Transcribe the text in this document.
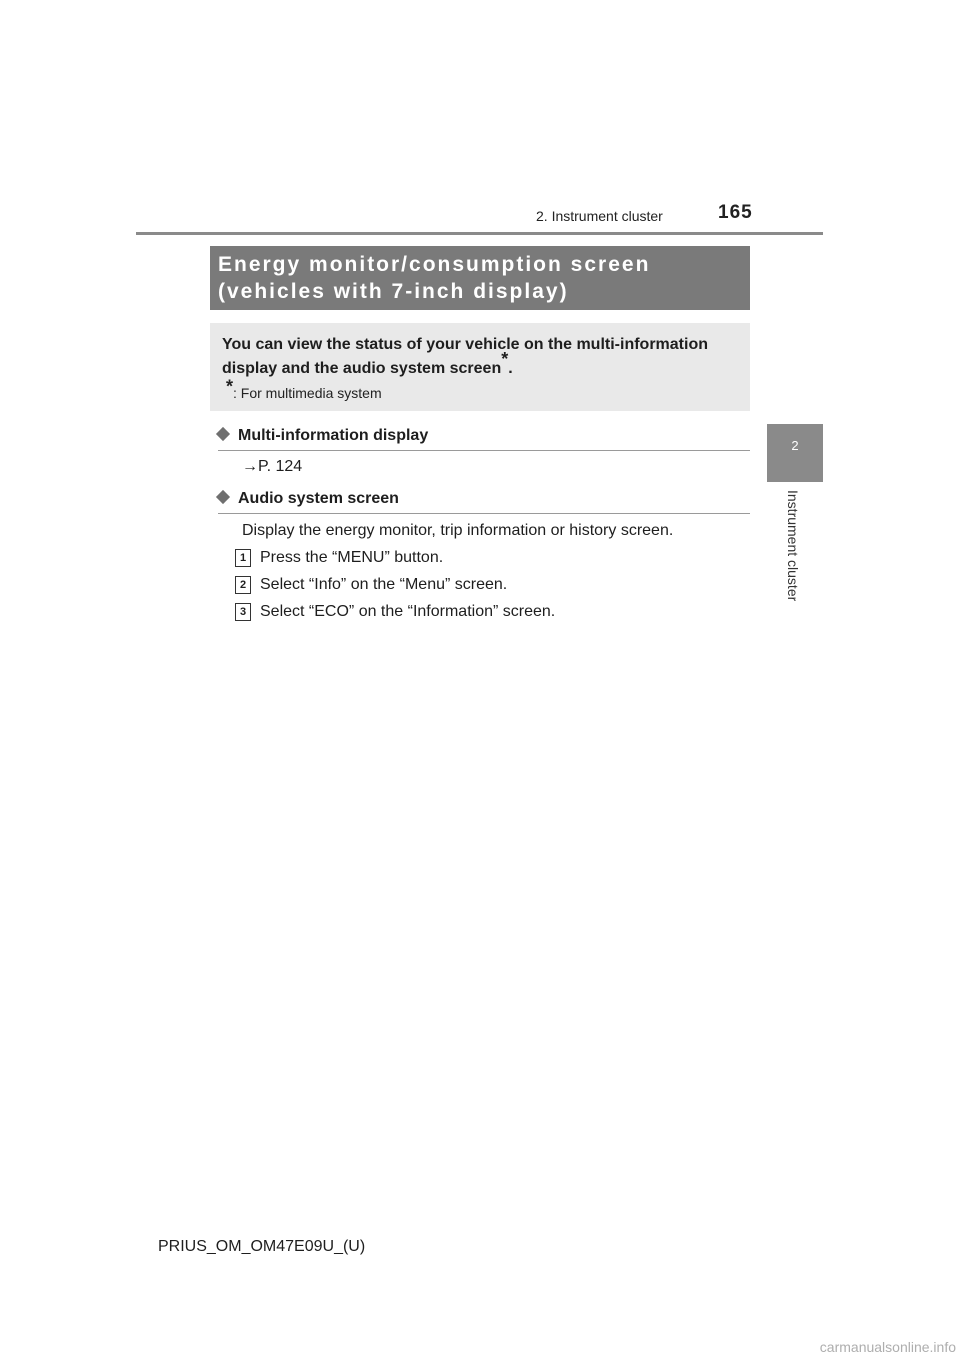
2. Instrument cluster	165
2
Instrument cluster
Energy monitor/consumption screen
(vehicles with 7-inch display)
You can view the status of your vehicle on the multi-information display and the audio system screen*.
*: For multimedia system
Multi-information display
→P. 124
Audio system screen
Display the energy monitor, trip information or history screen.
1 Press the “MENU” button.
2 Select “Info” on the “Menu” screen.
3 Select “ECO” on the “Information” screen.
PRIUS_OM_OM47E09U_(U)
carmanualsonline.info
